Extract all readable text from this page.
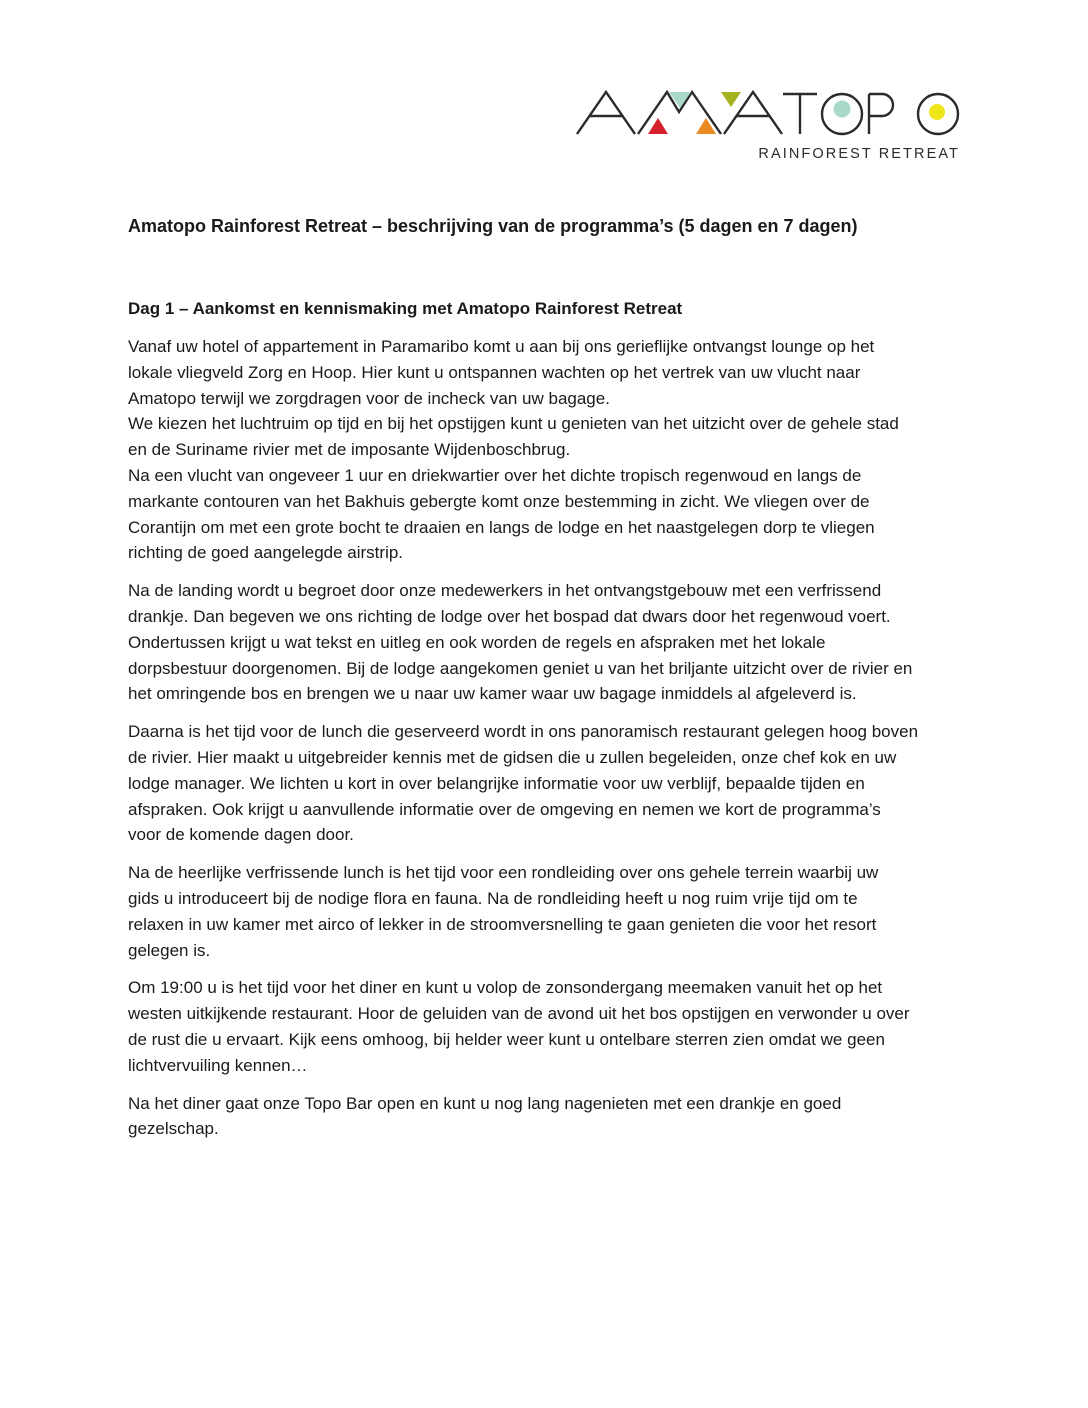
RAINFOREST RETREAT
Amatopo Rainforest Retreat – beschrijving van de programma’s (5 dagen en 7 dagen)
Dag 1 – Aankomst en kennismaking met Amatopo Rainforest Retreat

Vanaf uw hotel of appartement in Paramaribo komt u aan bij ons gerieflijke ontvangst lounge op het
lokale vliegveld Zorg en Hoop. Hier kunt u ontspannen wachten op het vertrek van uw vlucht naar
Amatopo terwijl we zorgdragen voor de incheck van uw bagage.
We kiezen het luchtruim op tijd en bij het opstijgen kunt u genieten van het uitzicht over de gehele stad
en de Suriname rivier met de imposante Wijdenboschbrug.
Na een vlucht van ongeveer 1 uur en driekwartier over het dichte tropisch regenwoud en langs de
markante contouren van het Bakhuis gebergte komt onze bestemming in zicht. We vliegen over de
Corantijn om met een grote bocht te draaien en langs de lodge en het naastgelegen dorp te vliegen
richting de goed aangelegde airstrip.

Na de landing wordt u begroet door onze medewerkers in het ontvangstgebouw met een verfrissend
drankje. Dan begeven we ons richting de lodge over het bospad dat dwars door het regenwoud voert.
Ondertussen krijgt u wat tekst en uitleg en ook worden de regels en afspraken met het lokale
dorpsbestuur doorgenomen. Bij de lodge aangekomen geniet u van het briljante uitzicht over de rivier en
het omringende bos en brengen we u naar uw kamer waar uw bagage inmiddels al afgeleverd is.

Daarna is het tijd voor de lunch die geserveerd wordt in ons panoramisch restaurant gelegen hoog boven
de rivier. Hier maakt u uitgebreider kennis met de gidsen die u zullen begeleiden, onze chef kok en uw
lodge manager. We lichten u kort in over belangrijke informatie voor uw verblijf, bepaalde tijden en
afspraken. Ook krijgt u aanvullende informatie over de omgeving en nemen we kort de programma’s
voor de komende dagen door.

Na de heerlijke verfrissende lunch is het tijd voor een rondleiding over ons gehele terrein waarbij uw
gids u introduceert bij de nodige flora en fauna. Na de rondleiding heeft u nog ruim vrije tijd om te
relaxen in uw kamer met airco of lekker in de stroomversnelling te gaan genieten die voor het resort
gelegen is.

Om 19:00 u is het tijd voor het diner en kunt u volop de zonsondergang meemaken vanuit het op het
westen uitkijkende restaurant. Hoor de geluiden van de avond uit het bos opstijgen en verwonder u over
de rust die u ervaart. Kijk eens omhoog, bij helder weer kunt u ontelbare sterren zien omdat we geen
lichtvervuiling kennen…

Na het diner gaat onze Topo Bar open en kunt u nog lang nagenieten met een drankje en goed
gezelschap.
